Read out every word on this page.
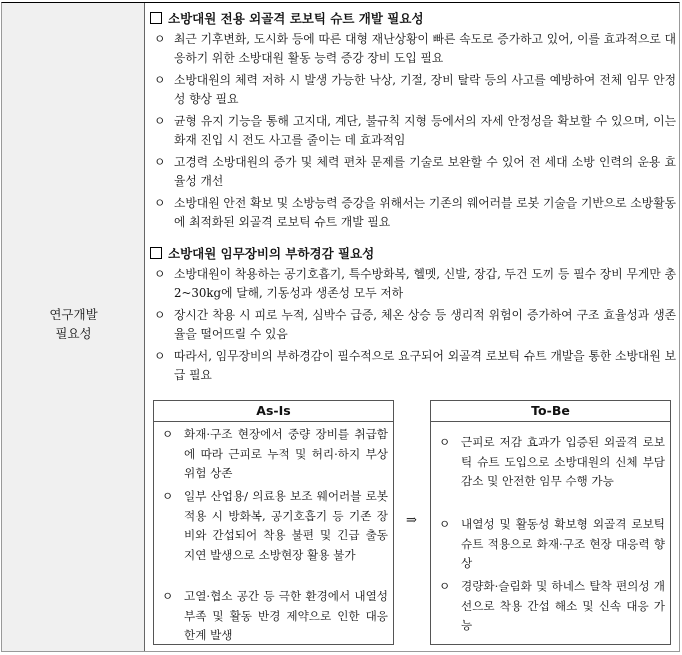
연구개발
필요성
소방대원 전용 외골격 로보틱 슈트 개발 필요성
ㅇ 최근 기후변화, 도시화 등에 따른 대형 재난상황이 빠른 속도로 증가하고 있어, 이를 효과적으로 대응하기 위한 소방대원 활동 능력 증강 장비 도입 필요
ㅇ 소방대원의 체력 저하 시 발생 가능한 낙상, 기절, 장비 탈락 등의 사고를 예방하여 전체 임무 안정성 향상 필요
ㅇ 균형 유지 기능을 통해 고지대, 계단, 불규칙 지형 등에서의 자세 안정성을 확보할 수 있으며, 이는 화재 진입 시 전도 사고를 줄이는 데 효과적임
ㅇ 고경력 소방대원의 증가 및 체력 편차 문제를 기술로 보완할 수 있어 전 세대 소방 인력의 운용 효율성 개선
ㅇ 소방대원 안전 확보 및 소방능력 증강을 위해서는 기존의 웨어러블 로봇 기술을 기반으로 소방활동에 최적화된 외골격 로보틱 슈트 개발 필요
소방대원 임무장비의 부하경감 필요성
ㅇ 소방대원이 착용하는 공기호흡기, 특수방화복, 헬멧, 신발, 장갑, 두건 도끼 등 필수 장비 무게만 총 2~30kg에 달해, 기동성과 생존성 모두 저하
ㅇ 장시간 착용 시 피로 누적, 심박수 급증, 체온 상승 등 생리적 위험이 증가하여 구조 효율성과 생존율을 떨어뜨릴 수 있음
ㅇ 따라서, 임무장비의 부하경감이 필수적으로 요구되어 외골격 로보틱 슈트 개발을 통한 소방대원 보급 필요
As-Is
ㅇ 화재·구조 현장에서 중량 장비를 취급함에 따라 근피로 누적 및 허리·하지 부상 위험 상존
ㅇ 일부 산업용/ 의료용 보조 웨어러블 로봇 적용 시 방화복, 공기호흡기 등 기존 장비와 간섭되어 착용 불편 및 긴급 출동 지연 발생으로 소방현장 활용 불가
ㅇ 고열·협소 공간 등 극한 환경에서 내열성 부족 및 활동 반경 제약으로 인한 대응 한계 발생
⇒
To-Be
ㅇ 근피로 저감 효과가 입증된 외골격 로보틱 슈트 도입으로 소방대원의 신체 부담 감소 및 안전한 임무 수행 가능
ㅇ 내열성 및 활동성 확보형 외골격 로보틱 슈트 적용으로 화재·구조 현장 대응력 향상
ㅇ 경량화·슬림화 및 하네스 탈착 편의성 개선으로 착용 간섭 해소 및 신속 대응 가능
